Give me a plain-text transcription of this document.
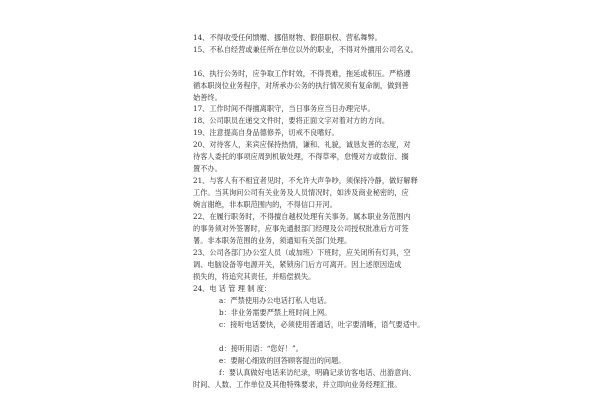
14、不得收受任何馈赠、挪借财物、假借职权、营私舞弊。
15、不私自经营或兼任所在单位以外的职业，不得对外擅用公司名义。
16、执行公务时，应争取工作时效，不得畏难，拖延或积压。严格遵
循本职岗位业务程序，对所承办公务的执行情况须有复命制，做到善
始善终。
17、工作时间不得擅离职守，当日事务应当日办理完毕。
18、公司职员在递交文件时，要将正面文字对着对方的方向。
19、注意提高自身品德修养，切戒不良嗜好。
20、对待客人，来宾应保持热情，谦和、礼貌，诚恳友善的态度，对
待客人委托的事项应周到机敏处理，不得草率，怠慢对方或数衍、搁
置不办。
21、与客人有不相宜者见时，不允许大声争吵，须保持冷静，做好解释
工作。当其询问公司有关业务及人员情况时，如涉及商业秘密的，应
婉言谢绝，非本职范围内的，不得信口开河。
22、在履行职务时，不得擅自越权处理有关事务。属本职业务范围内
的事务须对外签署时，应事先通报部门经理及公司授权批准后方可签
署。非本职务范围的业务，须通知有关部门处理。
23、公司各部门办公室人员（或加班）下班时，应关闭所有灯具，空
调、电脑设备等电源开关，紧锁房门后方可离开。因上述原因造成
损失的，将追究其责任，并赔偿损失。
24、电 话 管 理 制 度：
a：严禁使用办公电话打私人电话。
b：非业务需要严禁上班时间上网。
c：接听电话要快，必须使用普通话，吐字要清晰，语气要适中。
d：接听用语：“您好！”。
e：要耐心细致的回答顾客提出的问题。
f：要认真做好电话来访纪录，明确记录访客电话、出游意向、
时间、人数、工作单位及其他特殊要求，并立即向业务经理汇报。
